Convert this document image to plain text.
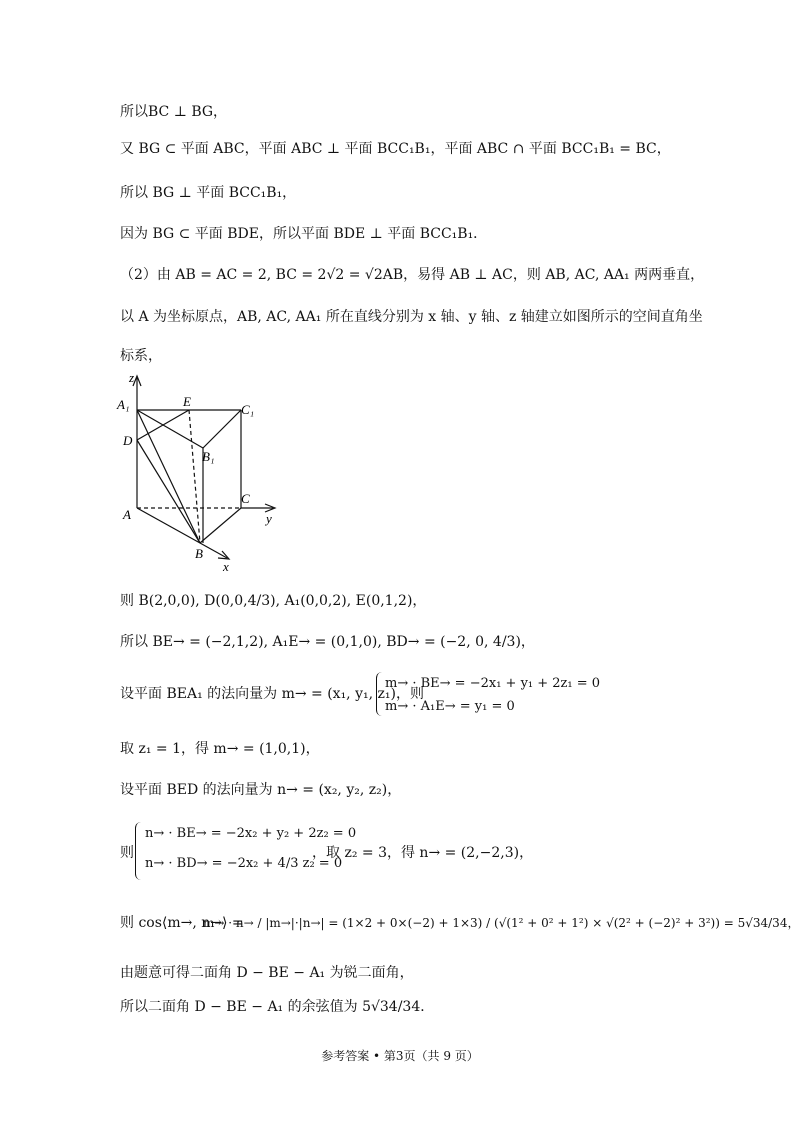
所以BC ⊥ BG，
又 BG ⊂ 平面 ABC，平面 ABC ⊥ 平面 BCC₁B₁，平面 ABC ∩ 平面 BCC₁B₁ = BC，
所以 BG ⊥ 平面 BCC₁B₁，
因为 BG ⊂ 平面 BDE，所以平面 BDE ⊥ 平面 BCC₁B₁．
（2）由 AB = AC = 2, BC = 2√2 = √2AB，易得 AB ⊥ AC，则 AB, AC, AA₁ 两两垂直，
以 A 为坐标原点，AB, AC, AA₁ 所在直线分别为 x 轴、y 轴、z 轴建立如图所示的空间直角坐
标系，
z
A₁	E
C₁
D
B₁
C
A	y
B
x
则 B(2,0,0), D(0,0,4/3), A₁(0,0,2), E(0,1,2)，
所以 BE→ = (−2,1,2), A₁E→ = (0,1,0), BD→ = (−2, 0, 4/3)，
设平面 BEA₁ 的法向量为 m→ = (x₁, y₁, z₁)，则
m→ · BE→ = −2x₁ + y₁ + 2z₁ = 0
m→ · A₁E→ = y₁ = 0
取 z₁ = 1，得 m→ = (1,0,1)，
设平面 BED 的法向量为 n→ = (x₂, y₂, z₂)，
则
n→ · BE→ = −2x₂ + y₂ + 2z₂ = 0
n→ · BD→ = −2x₂ + 4/3 z₂ = 0
，取 z₂ = 3，得 n→ = (2,−2,3)，
则 cos⟨m→, n→⟩ =
m→ · n→ / |m→|·|n→| = (1×2 + 0×(−2) + 1×3) / (√(1² + 0² + 1²) × √(2² + (−2)² + 3²)) = 5√34/34，
由题意可得二面角 D − BE − A₁ 为锐二面角，
所以二面角 D − BE − A₁ 的余弦值为 5√34/34．
参考答案 • 第3页（共 9 页）
